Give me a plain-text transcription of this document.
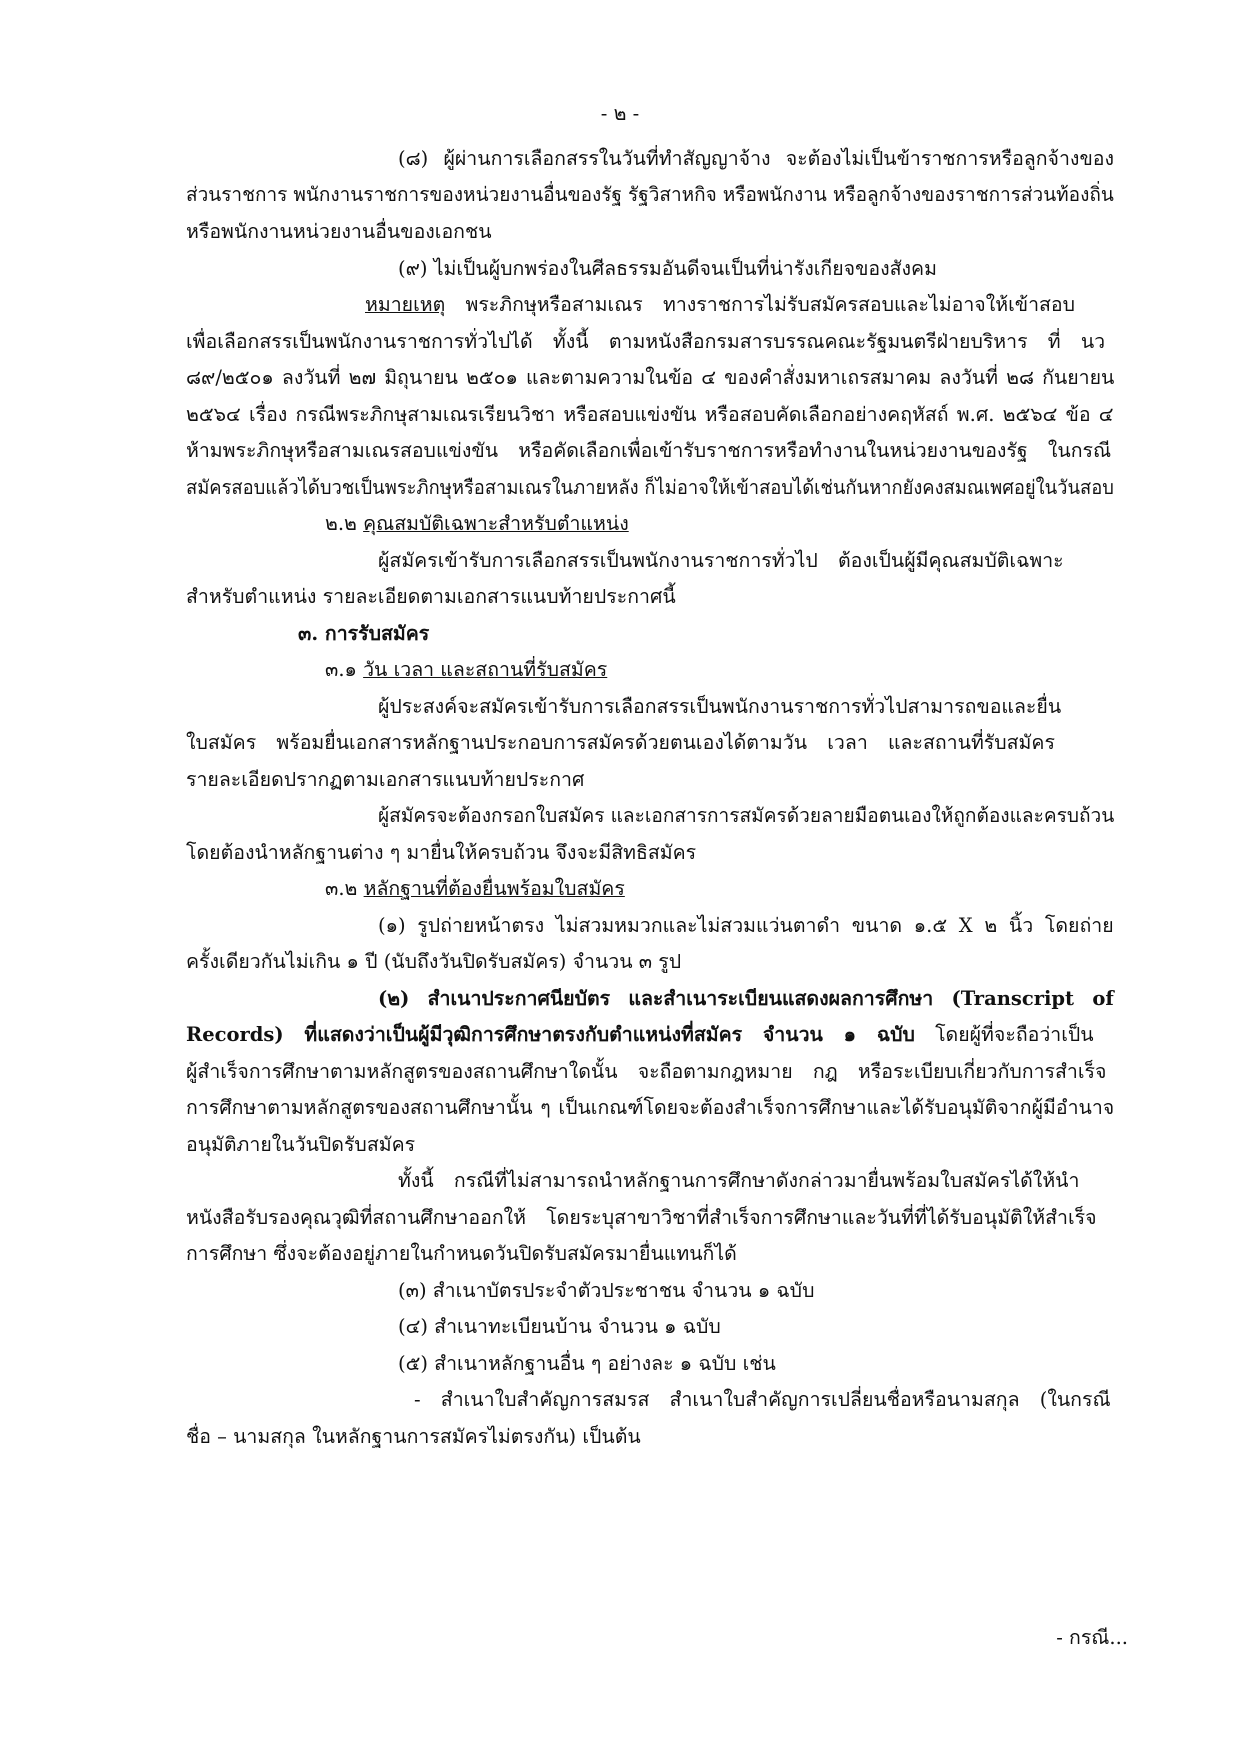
- ๒ -
(๘) ผู้ผ่านการเลือกสรรในวันที่ทำสัญญาจ้าง จะต้องไม่เป็นข้าราชการหรือลูกจ้างของ
ส่วนราชการ พนักงานราชการของหน่วยงานอื่นของรัฐ รัฐวิสาหกิจ หรือพนักงาน หรือลูกจ้างของราชการส่วนท้องถิ่น
หรือพนักงานหน่วยงานอื่นของเอกชน
(๙) ไม่เป็นผู้บกพร่องในศีลธรรมอันดีจนเป็นที่น่ารังเกียจของสังคม
หมายเหตุ พระภิกษุหรือสามเณร ทางราชการไม่รับสมัครสอบและไม่อาจให้เข้าสอบ
เพื่อเลือกสรรเป็นพนักงานราชการทั่วไปได้ ทั้งนี้ ตามหนังสือกรมสารบรรณคณะรัฐมนตรีฝ่ายบริหาร ที่ นว
๘๙/๒๕๐๑ ลงวันที่ ๒๗ มิถุนายน ๒๕๐๑ และตามความในข้อ ๔ ของคำสั่งมหาเถรสมาคม ลงวันที่ ๒๘ กันยายน
๒๕๖๔ เรื่อง กรณีพระภิกษุสามเณรเรียนวิชา หรือสอบแข่งขัน หรือสอบคัดเลือกอย่างคฤหัสถ์ พ.ศ. ๒๕๖๔ ข้อ ๔
ห้ามพระภิกษุหรือสามเณรสอบแข่งขัน หรือคัดเลือกเพื่อเข้ารับราชการหรือทำงานในหน่วยงานของรัฐ ในกรณี
สมัครสอบแล้วได้บวชเป็นพระภิกษุหรือสามเณรในภายหลัง ก็ไม่อาจให้เข้าสอบได้เช่นกันหากยังคงสมณเพศอยู่ในวันสอบ
๒.๒ คุณสมบัติเฉพาะสำหรับตำแหน่ง
ผู้สมัครเข้ารับการเลือกสรรเป็นพนักงานราชการทั่วไป ต้องเป็นผู้มีคุณสมบัติเฉพาะ
สำหรับตำแหน่ง รายละเอียดตามเอกสารแนบท้ายประกาศนี้
๓. การรับสมัคร
๓.๑ วัน เวลา และสถานที่รับสมัคร
ผู้ประสงค์จะสมัครเข้ารับการเลือกสรรเป็นพนักงานราชการทั่วไปสามารถขอและยื่น
ใบสมัคร พร้อมยื่นเอกสารหลักฐานประกอบการสมัครด้วยตนเองได้ตามวัน เวลา และสถานที่รับสมัคร
รายละเอียดปรากฏตามเอกสารแนบท้ายประกาศ
ผู้สมัครจะต้องกรอกใบสมัคร และเอกสารการสมัครด้วยลายมือตนเองให้ถูกต้องและครบถ้วน
โดยต้องนำหลักฐานต่าง ๆ มายื่นให้ครบถ้วน จึงจะมีสิทธิสมัคร
๓.๒ หลักฐานที่ต้องยื่นพร้อมใบสมัคร
(๑) รูปถ่ายหน้าตรง ไม่สวมหมวกและไม่สวมแว่นตาดำ ขนาด ๑.๕ X ๒ นิ้ว โดยถ่าย
ครั้งเดียวกันไม่เกิน ๑ ปี (นับถึงวันปิดรับสมัคร) จำนวน ๓ รูป
(๒) สำเนาประกาศนียบัตร และสำเนาระเบียนแสดงผลการศึกษา (Transcript of
Records) ที่แสดงว่าเป็นผู้มีวุฒิการศึกษาตรงกับตำแหน่งที่สมัคร จำนวน ๑ ฉบับ โดยผู้ที่จะถือว่าเป็น
ผู้สำเร็จการศึกษาตามหลักสูตรของสถานศึกษาใดนั้น จะถือตามกฎหมาย กฎ หรือระเบียบเกี่ยวกับการสำเร็จ
การศึกษาตามหลักสูตรของสถานศึกษานั้น ๆ เป็นเกณฑ์โดยจะต้องสำเร็จการศึกษาและได้รับอนุมัติจากผู้มีอำนาจ
อนุมัติภายในวันปิดรับสมัคร
ทั้งนี้ กรณีที่ไม่สามารถนำหลักฐานการศึกษาดังกล่าวมายื่นพร้อมใบสมัครได้ให้นำ
หนังสือรับรองคุณวุฒิที่สถานศึกษาออกให้ โดยระบุสาขาวิชาที่สำเร็จการศึกษาและวันที่ที่ได้รับอนุมัติให้สำเร็จ
การศึกษา ซึ่งจะต้องอยู่ภายในกำหนดวันปิดรับสมัครมายื่นแทนก็ได้
(๓) สำเนาบัตรประจำตัวประชาชน จำนวน ๑ ฉบับ
(๔) สำเนาทะเบียนบ้าน จำนวน ๑ ฉบับ
(๕) สำเนาหลักฐานอื่น ๆ อย่างละ ๑ ฉบับ เช่น
- สำเนาใบสำคัญการสมรส สำเนาใบสำคัญการเปลี่ยนชื่อหรือนามสกุล (ในกรณี
ชื่อ – นามสกุล ในหลักฐานการสมัครไม่ตรงกัน) เป็นต้น
- กรณี...
